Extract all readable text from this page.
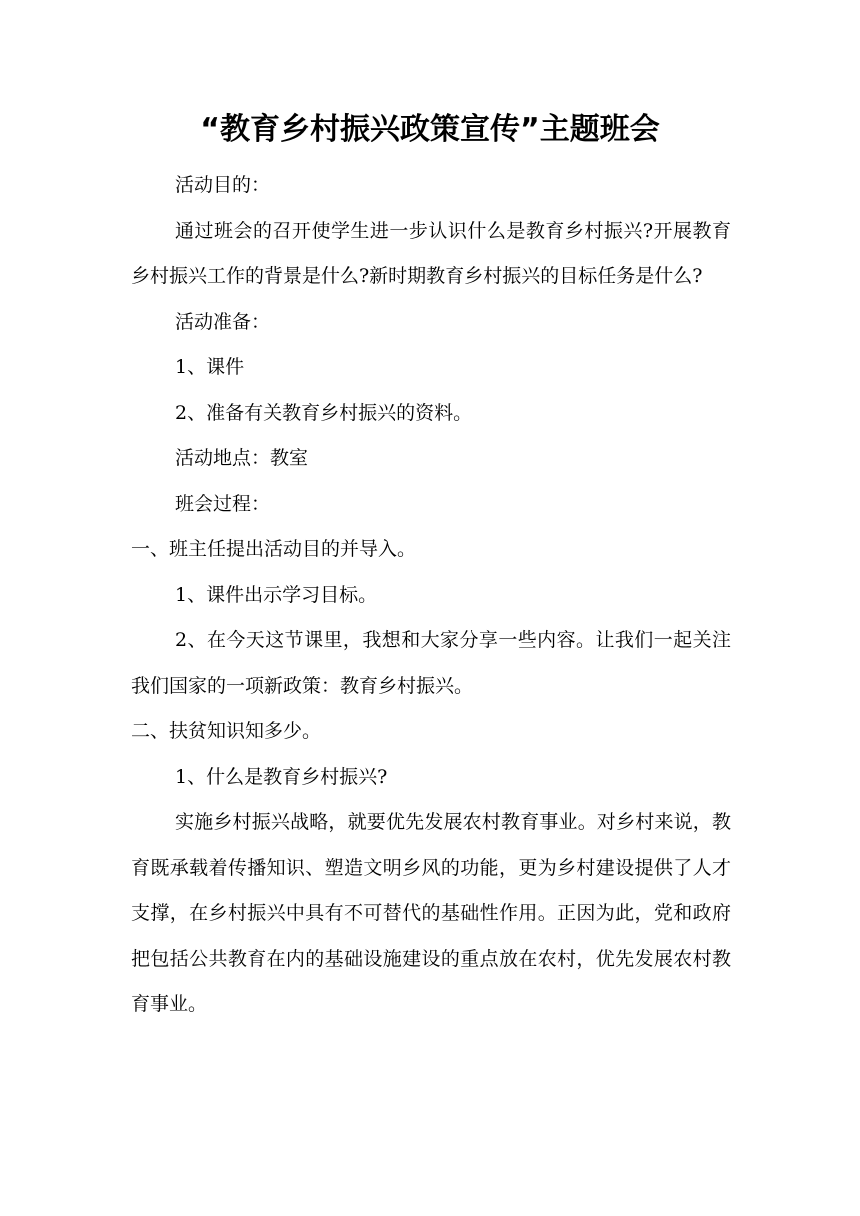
“教育乡村振兴政策宣传”主题班会

活动目的：

通过班会的召开使学生进一步认识什么是教育乡村振兴?开展教育乡村振兴工作的背景是什么?新时期教育乡村振兴的目标任务是什么?

活动准备：

1、课件

2、准备有关教育乡村振兴的资料。

活动地点：教室

班会过程：

一、班主任提出活动目的并导入。

1、课件出示学习目标。

2、在今天这节课里，我想和大家分享一些内容。让我们一起关注我们国家的一项新政策：教育乡村振兴。

二、扶贫知识知多少。

1、什么是教育乡村振兴?

实施乡村振兴战略，就要优先发展农村教育事业。对乡村来说，教育既承载着传播知识、塑造文明乡风的功能，更为乡村建设提供了人才支撑，在乡村振兴中具有不可替代的基础性作用。正因为此，党和政府把包括公共教育在内的基础设施建设的重点放在农村，优先发展农村教育事业。
